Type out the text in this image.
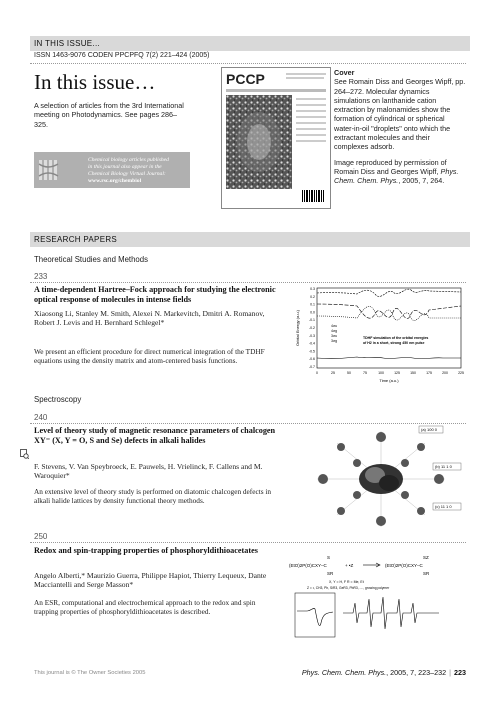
IN THIS ISSUE...
ISSN 1463-9076 CODEN PPCPFQ 7(2) 221–424 (2005)
In this issue…
A selection of articles from the 3rd International meeting on Photodynamics. See pages 286–325.
Chemical biology articles published
in this journal also appear in the
Chemical Biology Virtual Journal:
www.rsc.org/chembiol
PCCP	Cover
See Romain Diss and Georges Wipff, pp. 264–272. Molecular dynamics simulations on lanthanide cation extraction by malonamides show the formation of cylindrical or spherical water-in-oil "droplets" onto which the extractant molecules and their complexes adsorb.

Image reproduced by permission of Romain Diss and Georges Wipff, Phys. Chem. Chem. Phys., 2005, 7, 264.

RESEARCH PAPERS
Theoretical Studies and Methods
233
A time-dependent Hartree–Fock approach for studying the electronic optical response of molecules in intense fields
Xiaosong Li, Stanley M. Smith, Alexei N. Markevitch, Dmitri A. Romanov, Robert J. Levis and H. Bernhard Schlegel*
We present an efficient procedure for direct numerical integration of the TDHF equations using the density matrix and atom-centered basis functions.
Orbital Energy (a.u.)
0.3
0.2
0.1
0.0
-0.1
-0.2
-0.3
-0.4
-0.5
-0.6
-0.7
0	25	50	75	100	125	150	175	200	225
Time (a.u.)
4σu
4σg
3σu
3σg
TDHF simulation of the orbital energies
of H2 in a short, strong 450 nm pulse
Spectroscopy
240
Level of theory study of magnetic resonance parameters of chalcogen XY⁻ (X, Y = O, S and Se) defects in alkali halides
F. Stevens, V. Van Speybroeck, E. Pauwels, H. Vrielinck, F. Callens and M. Waroquier*
An extensive level of theory study is performed on diatomic chalcogen defects in alkali halide lattices by density functional theory methods.
(a) 100 0
(b) 11 1 0
(c) 11 1 0
250
Redox and spin-trapping properties of phosphoryldithioacetates
Angelo Alberti,* Maurizio Guerra, Philippe Hapiot, Thierry Lequeux, Dante Macciantelli and Serge Masson*
An ESR, computational and electrochemical approach to the redox and spin trapping properties of phosphoryldithioacetates is described.
(EtO)2P(O)CXY–C
S
SR
+ •Z	(EtO)2P(O)CXY–C
SZ
SR
X, Y = H, F R = Me, Et
Z = •, CH3, Ph, SiR3, GeR3, PbR3, ...., growing polymer
This journal is © The Owner Societies 2005	Phys. Chem. Chem. Phys., 2005, 7, 223–232 | 223
